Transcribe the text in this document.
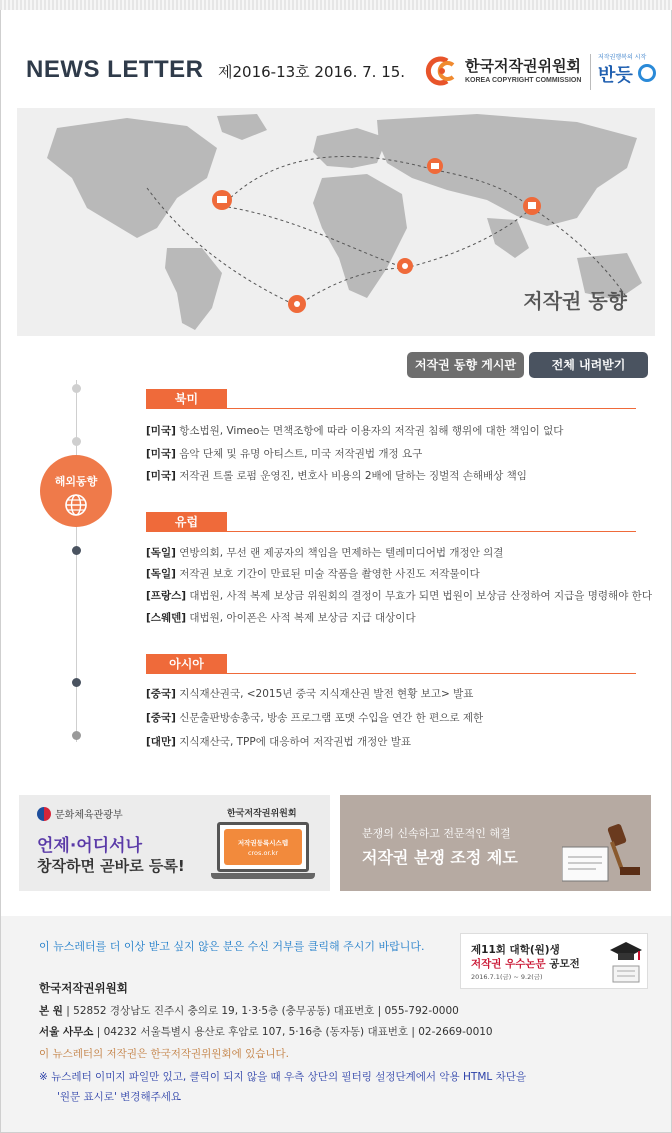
NEWS LETTER 제2016-13호 2016. 7. 15.	한국저작권위원회
KOREA COPYRIGHT COMMISSION
저작권행복의 시작
반듯
저작권 동향
저작권 동향 게시판	전체 내려받기
해외동향
북미
[미국] 항소법원, Vimeo는 면책조항에 따라 이용자의 저작권 침해 행위에 대한 책임이 없다
[미국] 음악 단체 및 유명 아티스트, 미국 저작권법 개정 요구
[미국] 저작권 트롤 로펌 운영진, 변호사 비용의 2배에 달하는 징벌적 손해배상 책임
유럽
[독일] 연방의회, 무선 랜 제공자의 책임을 면제하는 텔레미디어법 개정안 의결
[독일] 저작권 보호 기간이 만료된 미술 작품을 촬영한 사진도 저작물이다
[프랑스] 대법원, 사적 복제 보상금 위원회의 결정이 무효가 되면 법원이 보상금 산정하여 지급을 명령해야 한다
[스웨덴] 대법원, 아이폰은 사적 복제 보상금 지급 대상이다
아시아
[중국] 지식재산권국, <2015년 중국 지식재산권 발전 현황 보고> 발표
[중국] 신문출판방송총국, 방송 프로그램 포맷 수입을 연간 한 편으로 제한
[대만] 지식재산국, TPP에 대응하여 저작권법 개정안 발표
문화체육관광부	한국저작권위원회
언제·어디서나
창작하면 곧바로 등록!
저작권등록시스템
cros.or.kr
분쟁의 신속하고 전문적인 해결
저작권 분쟁 조정 제도
이 뉴스레터를 더 이상 받고 싶지 않은 분은 수신 거부를 클릭해 주시기 바랍니다.	제11회 대학(원)생
저작권 우수논문 공모전
2016.7.1(금) ~ 9.2(금)
한국저작권위원회
본 원 | 52852 경상남도 진주시 충의로 19, 1·3·5층 (충무공동) 대표번호 | 055-792-0000
서울 사무소 | 04232 서울특별시 용산로 후암로 107, 5·16층 (동자동) 대표번호 | 02-2669-0010
이 뉴스레터의 저작권은 한국저작권위원회에 있습니다.
※ 뉴스레터 이미지 파일만 있고, 클릭이 되지 않을 때 우측 상단의 필터링 설정단계에서 악용 HTML 차단을
'원문 표시로' 변경해주세요
